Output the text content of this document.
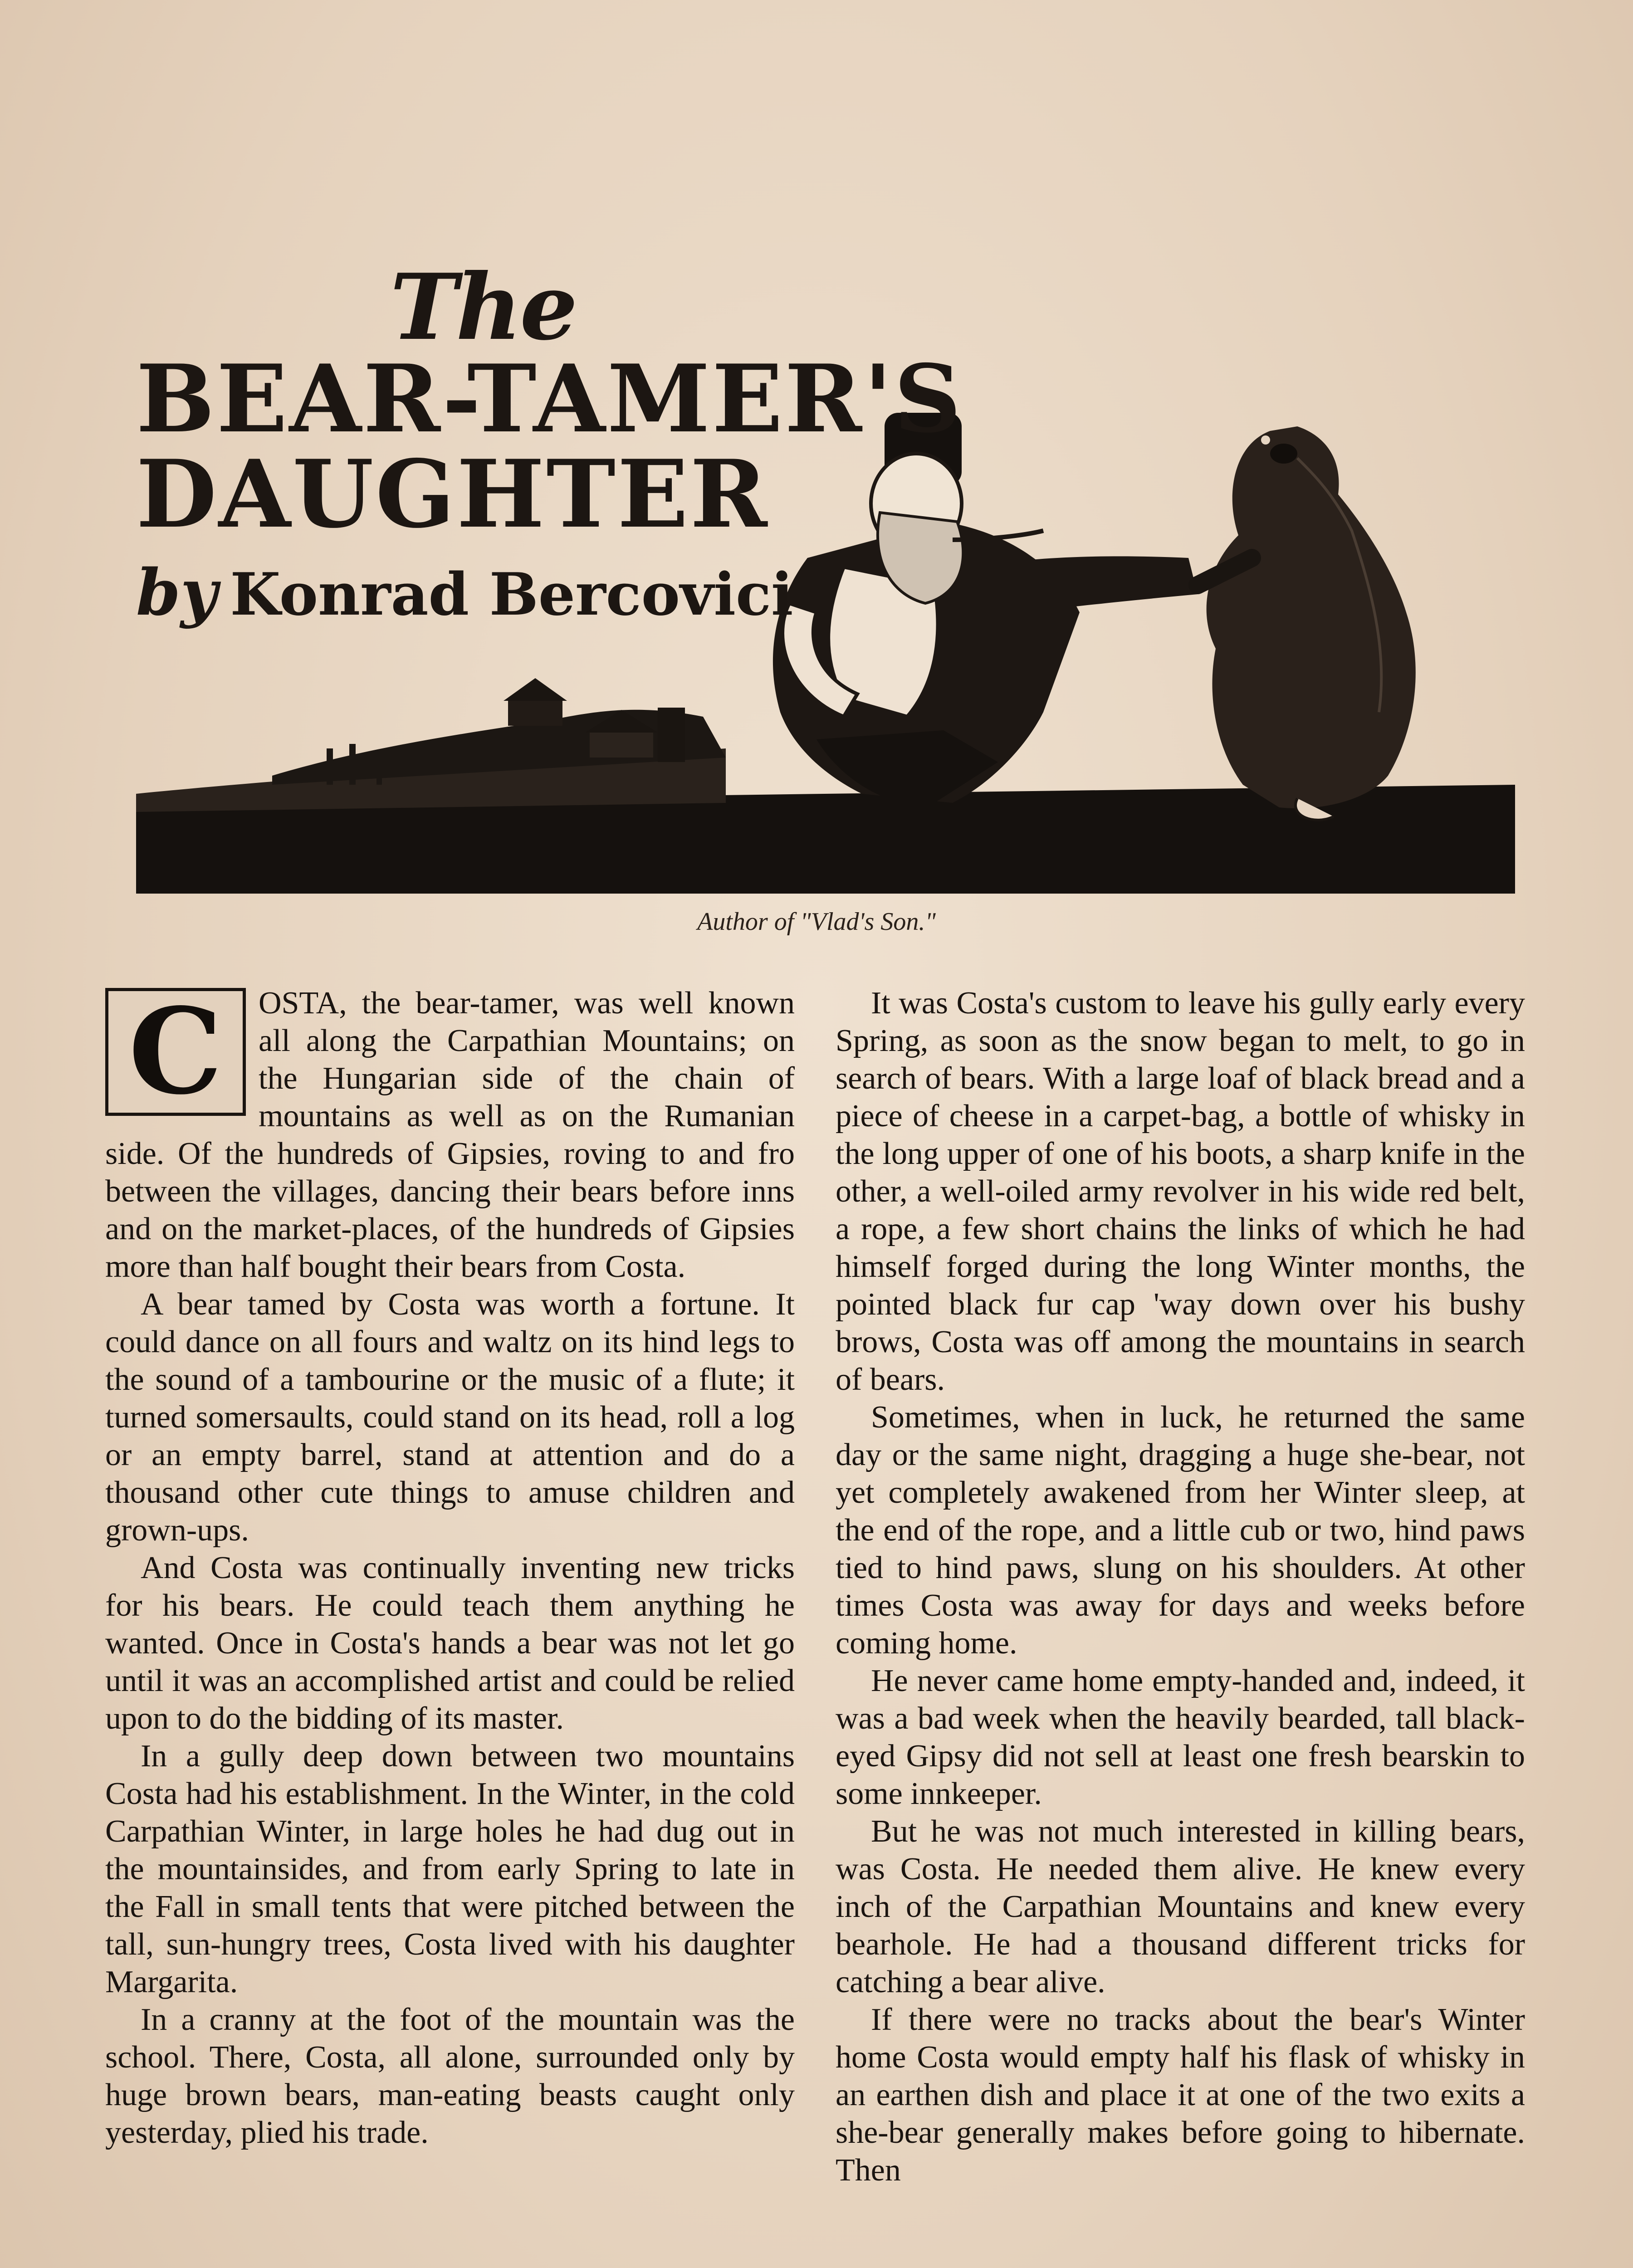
The
BEAR-TAMER'S
DAUGHTER
by Konrad Bercovici
Author of "Vlad's Son."
C	OSTA, the bear-tamer, was well known all along the Carpathian Mountains; on the Hungarian side of the chain of mountains as well as on the Rumanian side. Of the hundreds of Gipsies, roving to and fro between the villages, dancing their bears before inns and on the market-places, of the hundreds of Gipsies more than half bought their bears from Costa.

A bear tamed by Costa was worth a fortune. It could dance on all fours and waltz on its hind legs to the sound of a tambourine or the music of a flute; it turned somersaults, could stand on its head, roll a log or an empty barrel, stand at attention and do a thousand other cute things to amuse children and grown-ups.

And Costa was continually inventing new tricks for his bears. He could teach them anything he wanted. Once in Costa's hands a bear was not let go until it was an accomplished artist and could be relied upon to do the bidding of its master.

In a gully deep down between two mountains Costa had his establishment. In the Winter, in the cold Carpathian Winter, in large holes he had dug out in the mountainsides, and from early Spring to late in the Fall in small tents that were pitched between the tall, sun-hungry trees, Costa lived with his daughter Margarita.

In a cranny at the foot of the mountain was the school. There, Costa, all alone, surrounded only by huge brown bears, man-eating beasts caught only yesterday, plied his trade.

It was Costa's custom to leave his gully early every Spring, as soon as the snow began to melt, to go in search of bears. With a large loaf of black bread and a piece of cheese in a carpet-bag, a bottle of whisky in the long upper of one of his boots, a sharp knife in the other, a well-oiled army revolver in his wide red belt, a rope, a few short chains the links of which he had himself forged during the long Winter months, the pointed black fur cap 'way down over his bushy brows, Costa was off among the mountains in search of bears.

Sometimes, when in luck, he returned the same day or the same night, dragging a huge she-bear, not yet completely awakened from her Winter sleep, at the end of the rope, and a little cub or two, hind paws tied to hind paws, slung on his shoulders. At other times Costa was away for days and weeks before coming home.

He never came home empty-handed and, indeed, it was a bad week when the heavily bearded, tall black-eyed Gipsy did not sell at least one fresh bearskin to some innkeeper.

But he was not much interested in killing bears, was Costa. He needed them alive. He knew every inch of the Carpathian Mountains and knew every bearhole. He had a thousand different tricks for catching a bear alive.

If there were no tracks about the bear's Winter home Costa would empty half his flask of whisky in an earthen dish and place it at one of the two exits a she-bear generally makes before going to hibernate. Then
